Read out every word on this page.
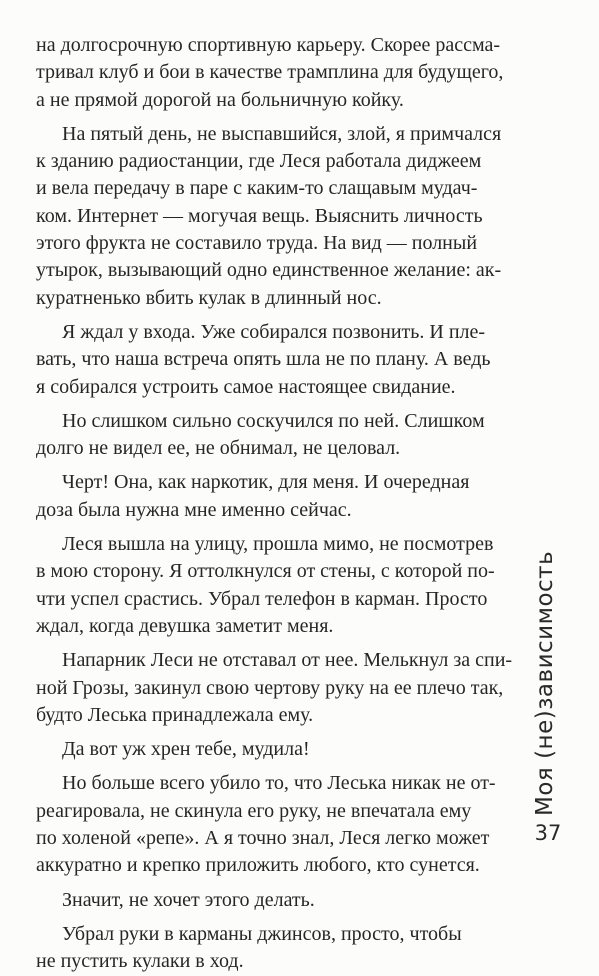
на долгосрочную спортивную карьеру. Скорее рассма-
тривал клуб и бои в качестве трамплина для будущего,
а не прямой дорогой на больничную койку.
На пятый день, не выспавшийся, злой, я примчался
к зданию радиостанции, где Леся работала диджеем
и вела передачу в паре с каким-то слащавым мудач-
ком. Интернет — могучая вещь. Выяснить личность
этого фрукта не составило труда. На вид — полный
утырок, вызывающий одно единственное желание: ак-
куратненько вбить кулак в длинный нос.
Я ждал у входа. Уже собирался позвонить. И пле-
вать, что наша встреча опять шла не по плану. А ведь
я собирался устроить самое настоящее свидание.
Но слишком сильно соскучился по ней. Слишком
долго не видел ее, не обнимал, не целовал.
Черт! Она, как наркотик, для меня. И очередная
доза была нужна мне именно сейчас.
Леся вышла на улицу, прошла мимо, не посмотрев
в мою сторону. Я оттолкнулся от стены, с которой по-
чти успел срастись. Убрал телефон в карман. Просто
ждал, когда девушка заметит меня.
Напарник Леси не отставал от нее. Мелькнул за спи-
ной Грозы, закинул свою чертову руку на ее плечо так,
будто Леська принадлежала ему.
Да вот уж хрен тебе, мудила!
Но больше всего убило то, что Леська никак не от-
реагировала, не скинула его руку, не впечатала ему
по холеной «репе». А я точно знал, Леся легко может
аккуратно и крепко приложить любого, кто сунется.
Значит, не хочет этого делать.
Убрал руки в карманы джинсов, просто, чтобы
не пустить кулаки в ход.
Моя (не)зависимость
37
